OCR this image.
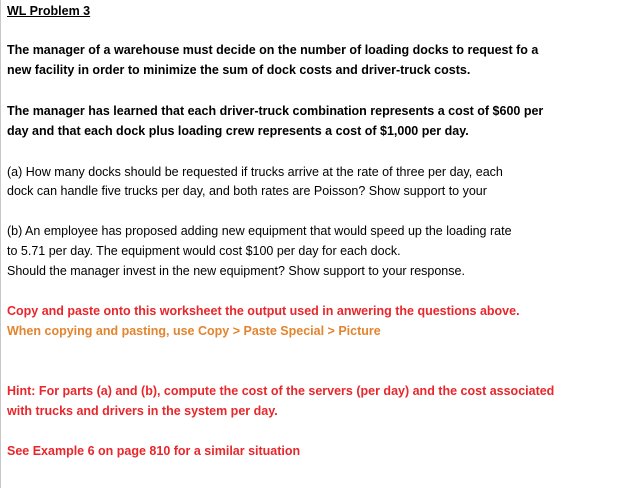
WL Problem 3
The manager of a warehouse must decide on the number of loading docks to request fo a
new facility in order to minimize the sum of dock costs and driver-truck costs.
The manager has learned that each driver-truck combination represents a cost of $600 per
day and that each dock plus loading crew represents a cost of $1,000 per day.
(a) How many docks should be requested if trucks arrive at the rate of three per day, each
dock can handle five trucks per day, and both rates are Poisson? Show support to your
(b) An employee has proposed adding new equipment that would speed up the loading rate
to 5.71 per day. The equipment would cost $100 per day for each dock.
Should the manager invest in the new equipment? Show support to your response.
Copy and paste onto this worksheet the output used in anwering the questions above.
When copying and pasting, use Copy > Paste Special > Picture
Hint: For parts (a) and (b), compute the cost of the servers (per day) and the cost associated
with trucks and drivers in the system per day.
See Example 6 on page 810 for a similar situation
